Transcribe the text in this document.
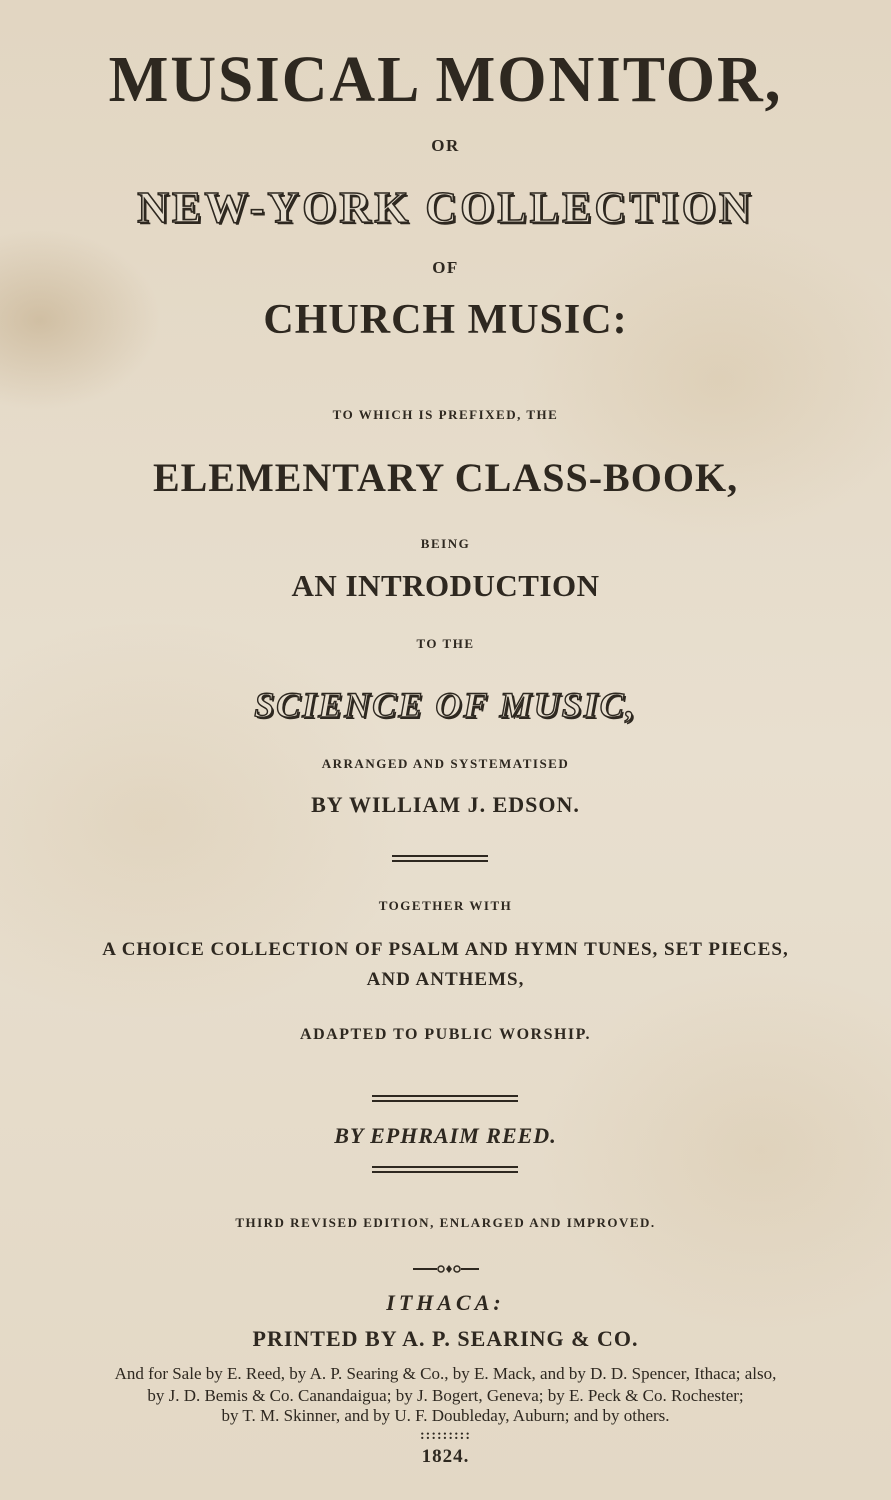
MUSICAL MONITOR,

OR

NEW-YORK COLLECTION

OF

CHURCH MUSIC:

TO WHICH IS PREFIXED, THE

ELEMENTARY CLASS-BOOK,

BEING

AN INTRODUCTION

TO THE

SCIENCE OF MUSIC,

ARRANGED AND SYSTEMATISED

BY WILLIAM J. EDSON.

TOGETHER WITH

A CHOICE COLLECTION OF PSALM AND HYMN TUNES, SET PIECES,

AND ANTHEMS,

ADAPTED TO PUBLIC WORSHIP.

BY EPHRAIM REED.

THIRD REVISED EDITION, ENLARGED AND IMPROVED.

ITHACA:

PRINTED BY A. P. SEARING & CO.

And for Sale by E. Reed, by A. P. Searing & Co., by E. Mack, and by D. D. Spencer, Ithaca; also,

by J. D. Bemis & Co. Canandaigua; by J. Bogert, Geneva; by E. Peck & Co. Rochester;

by T. M. Skinner, and by U. F. Doubleday, Auburn; and by others.

:::::::::

1824.
